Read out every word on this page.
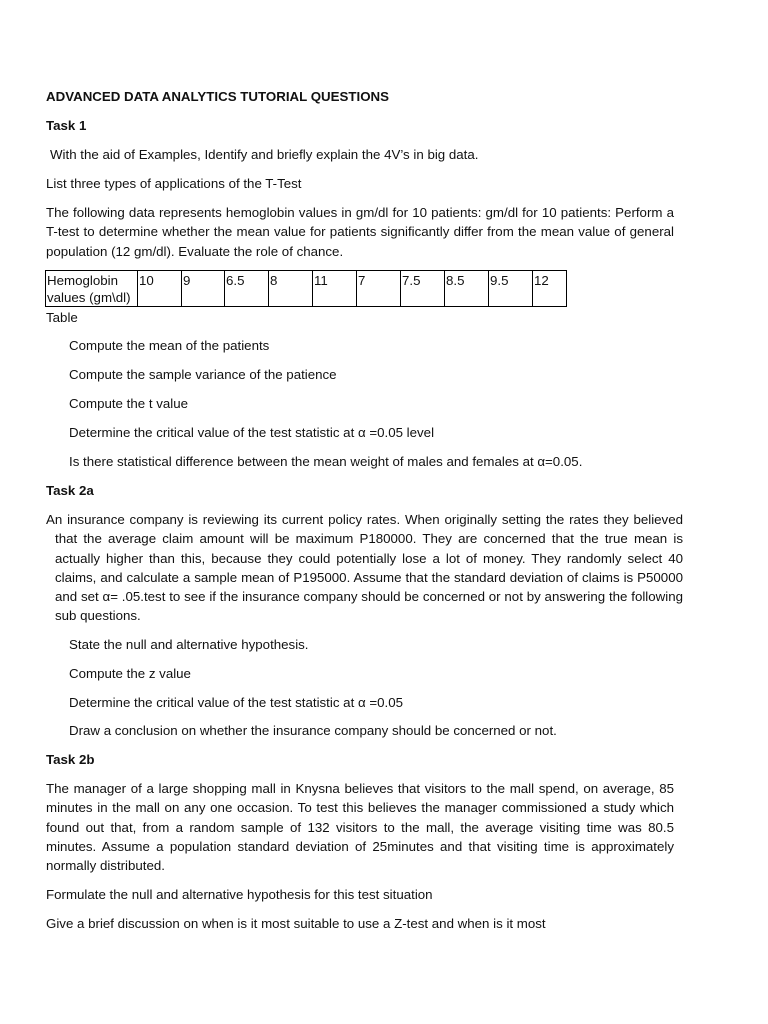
ADVANCED DATA ANALYTICS TUTORIAL QUESTIONS

Task 1

With the aid of Examples, Identify and briefly explain the 4V’s in big data.

List three types of applications of the T-Test

The following data represents hemoglobin values in gm/dl for 10 patients: gm/dl for 10 patients: Perform a T-test to determine whether the mean value for patients significantly differ from the mean value of general population (12 gm/dl). Evaluate the role of chance.

Hemoglobin values (gm\dl)	10	9	6.5	8	11	7	7.5	8.5	9.5	12

Table

Compute the mean of the patients

Compute the sample variance of the patience

Compute the t value

Determine the critical value of the test statistic at α =0.05 level

Is there statistical difference between the mean weight of males and females at α=0.05.

Task 2a

An insurance company is reviewing its current policy rates. When originally setting the rates they believed that the average claim amount will be maximum P180000. They are concerned that the true mean is actually higher than this, because they could potentially lose a lot of money. They randomly select 40 claims, and calculate a sample mean of P195000. Assume that the standard deviation of claims is P50000 and set α= .05.test to see if the insurance company should be concerned or not by answering the following sub questions.

State the null and alternative hypothesis.

Compute the z value

Determine the critical value of the test statistic at α =0.05

Draw a conclusion on whether the insurance company should be concerned or not.

Task 2b

The manager of a large shopping mall in Knysna believes that visitors to the mall spend, on average, 85 minutes in the mall on any one occasion. To test this believes the manager commissioned a study which found out that, from a random sample of 132 visitors to the mall, the average visiting time was 80.5 minutes. Assume a population standard deviation of 25minutes and that visiting time is approximately normally distributed.

Formulate the null and alternative hypothesis for this test situation

Give a brief discussion on when is it most suitable to use a Z-test and when is it most
